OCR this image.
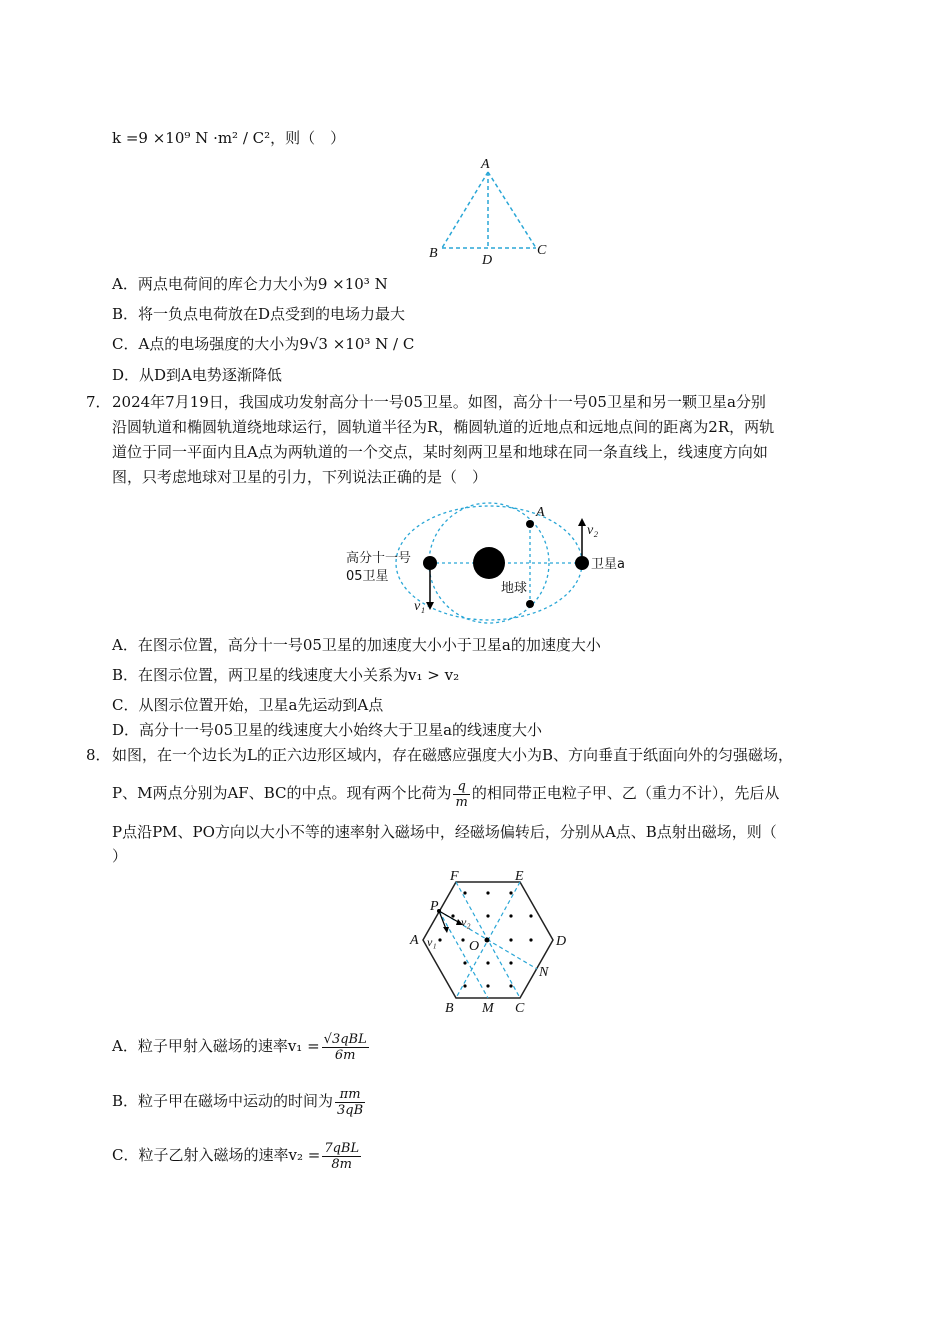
k =9 ×10⁹ N ·m² / C²，则（　）
A
B	C
D
A．两点电荷间的库仑力大小为9 ×10³ N
B．将一负点电荷放在D点受到的电场力最大
C．A点的电场强度的大小为9√3 ×10³ N / C
D．从D到A电势逐渐降低
7． 2024年7月19日，我国成功发射高分十一号05卫星。如图，高分十一号05卫星和另一颗卫星a分别
沿圆轨道和椭圆轨道绕地球运行，圆轨道半径为R，椭圆轨道的近地点和远地点间的距离为2R，两轨
道位于同一平面内且A点为两轨道的一个交点，某时刻两卫星和地球在同一条直线上，线速度方向如
图，只考虑地球对卫星的引力，下列说法正确的是（　）
高分十一号
05卫星
地球
卫星a
A
v₁
v₂
A．在图示位置，高分十一号05卫星的加速度大小小于卫星a的加速度大小
B．在图示位置，两卫星的线速度大小关系为v₁ > v₂
C．从图示位置开始，卫星a先运动到A点
D．高分十一号05卫星的线速度大小始终大于卫星a的线速度大小
8． 如图，在一个边长为L的正六边形区域内，存在磁感应强度大小为B、方向垂直于纸面向外的匀强磁场，
P、M两点分别为AF、BC的中点。现有两个比荷为 $\frac{q}{m}$ 的相同带正电粒子甲、乙（重力不计），先后从
P点沿PM、PO方向以大小不等的速率射入磁场中，经磁场偏转后，分别从A点、B点射出磁场，则（
）
F	E
P
A	D
O
N
B M C
v₂
v₁
A．粒子甲射入磁场的速率$v_1 = \frac{\text{√3qBL}}{6m}$
B．粒子甲在磁场中运动的时间为 $\frac{\pi m}{3qB}$
C．粒子乙射入磁场的速率$v_2 = \frac{\text{7qBL}}{8m}$
